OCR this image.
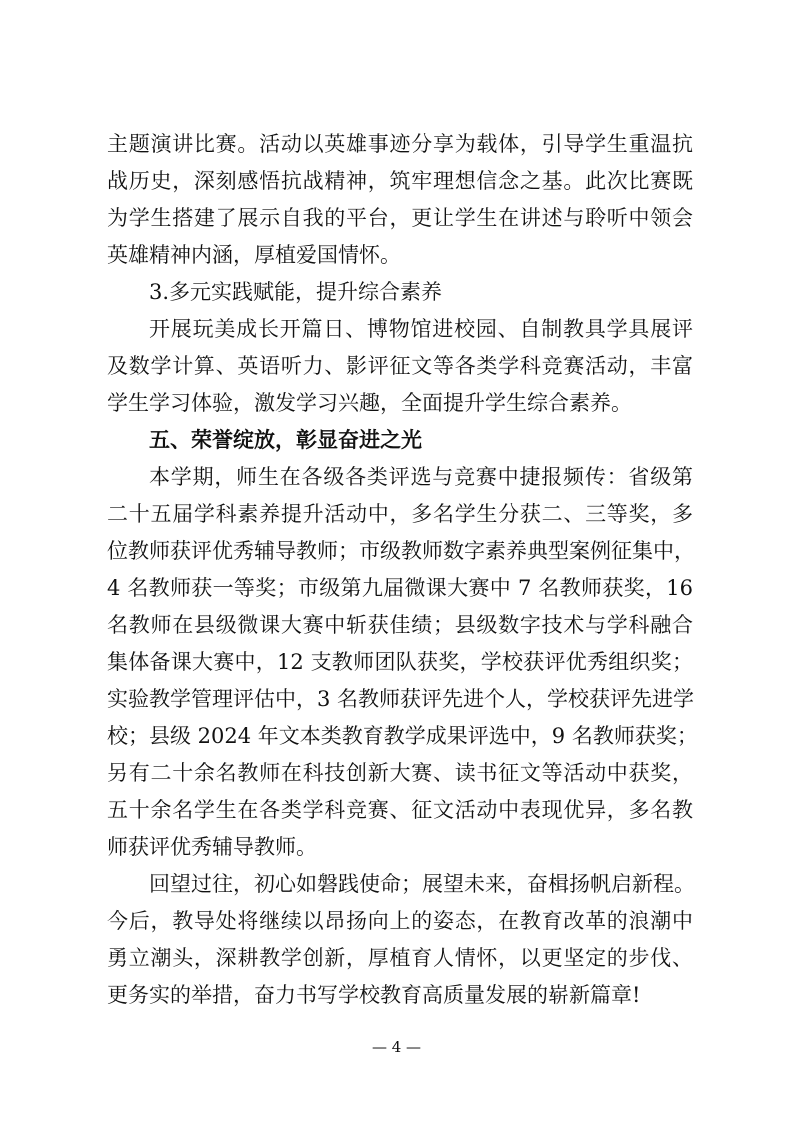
主题演讲比赛。活动以英雄事迹分享为载体，引导学生重温抗
战历史，深刻感悟抗战精神，筑牢理想信念之基。此次比赛既
为学生搭建了展示自我的平台，更让学生在讲述与聆听中领会
英雄精神内涵，厚植爱国情怀。
3.多元实践赋能，提升综合素养
开展玩美成长开篇日、博物馆进校园、自制教具学具展评
及数学计算、英语听力、影评征文等各类学科竞赛活动，丰富
学生学习体验，激发学习兴趣，全面提升学生综合素养。
五、荣誉绽放，彰显奋进之光
本学期，师生在各级各类评选与竞赛中捷报频传：省级第
二十五届学科素养提升活动中，多名学生分获二、三等奖，多
位教师获评优秀辅导教师；市级教师数字素养典型案例征集中，
4 名教师获一等奖；市级第九届微课大赛中 7 名教师获奖，16
名教师在县级微课大赛中斩获佳绩；县级数字技术与学科融合
集体备课大赛中，12 支教师团队获奖，学校获评优秀组织奖；
实验教学管理评估中，3 名教师获评先进个人，学校获评先进学
校；县级 2024 年文本类教育教学成果评选中，9 名教师获奖；
另有二十余名教师在科技创新大赛、读书征文等活动中获奖，
五十余名学生在各类学科竞赛、征文活动中表现优异，多名教
师获评优秀辅导教师。
回望过往，初心如磐践使命；展望未来，奋楫扬帆启新程。
今后，教导处将继续以昂扬向上的姿态，在教育改革的浪潮中
勇立潮头，深耕教学创新，厚植育人情怀，以更坚定的步伐、
更务实的举措，奋力书写学校教育高质量发展的崭新篇章!
— 4 —
